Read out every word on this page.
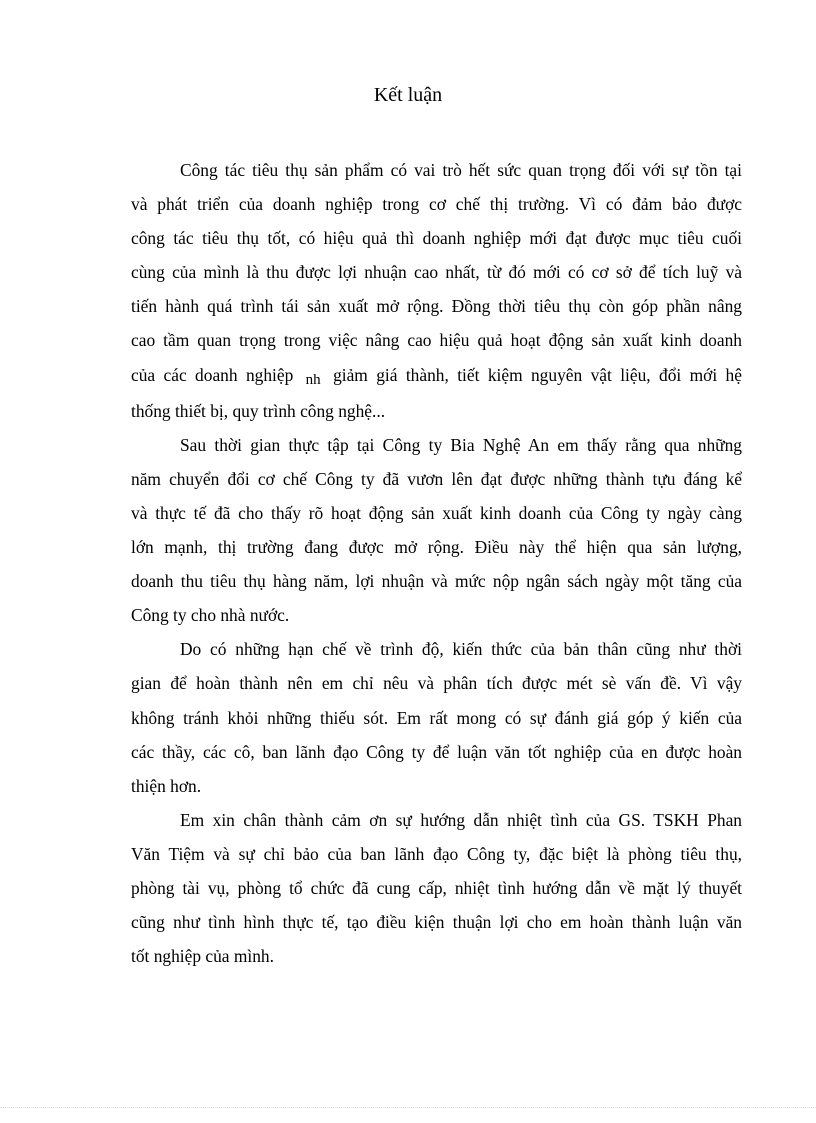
Kết luận
Công tác tiêu thụ sản phẩm có vai trò hết sức quan trọng đối với sự tồn tại
và phát triển của doanh nghiệp trong cơ chế thị trường. Vì có đảm bảo được
công tác tiêu thụ tốt, có hiệu quả thì doanh nghiệp mới đạt được mục tiêu cuối
cùng của mình là thu được lợi nhuận cao nhất, từ đó mới có cơ sở để tích luỹ và
tiến hành quá trình tái sản xuất mở rộng. Đồng thời tiêu thụ còn góp phần nâng
cao tầm quan trọng trong việc nâng cao hiệu quả hoạt động sản xuất kinh doanh
của các doanh nghiệp nh giảm giá thành, tiết kiệm nguyên vật liệu, đổi mới hệ
thống thiết bị, quy trình công nghệ...
Sau thời gian thực tập tại Công ty Bia Nghệ An em thấy rằng qua những
năm chuyển đổi cơ chế Công ty đã vươn lên đạt được những thành tựu đáng kể
và thực tế đã cho thấy rõ hoạt động sản xuất kinh doanh của Công ty ngày càng
lớn mạnh, thị trường đang được mở rộng. Điều này thể hiện qua sản lượng,
doanh thu tiêu thụ hàng năm, lợi nhuận và mức nộp ngân sách ngày một tăng của
Công ty cho nhà nước.
Do có những hạn chế về trình độ, kiến thức của bản thân cũng như thời
gian để hoàn thành nên em chỉ nêu và phân tích được mét sè vấn đề. Vì vậy
không tránh khỏi những thiếu sót. Em rất mong có sự đánh giá góp ý kiến của
các thầy, các cô, ban lãnh đạo Công ty để luận văn tốt nghiệp của en được hoàn
thiện hơn.
Em xin chân thành cảm ơn sự hướng dẫn nhiệt tình của GS. TSKH Phan
Văn Tiệm và sự chỉ bảo của ban lãnh đạo Công ty, đặc biệt là phòng tiêu thụ,
phòng tài vụ, phòng tổ chức đã cung cấp, nhiệt tình hướng dẫn về mặt lý thuyết
cũng như tình hình thực tế, tạo điều kiện thuận lợi cho em hoàn thành luận văn
tốt nghiệp của mình.
